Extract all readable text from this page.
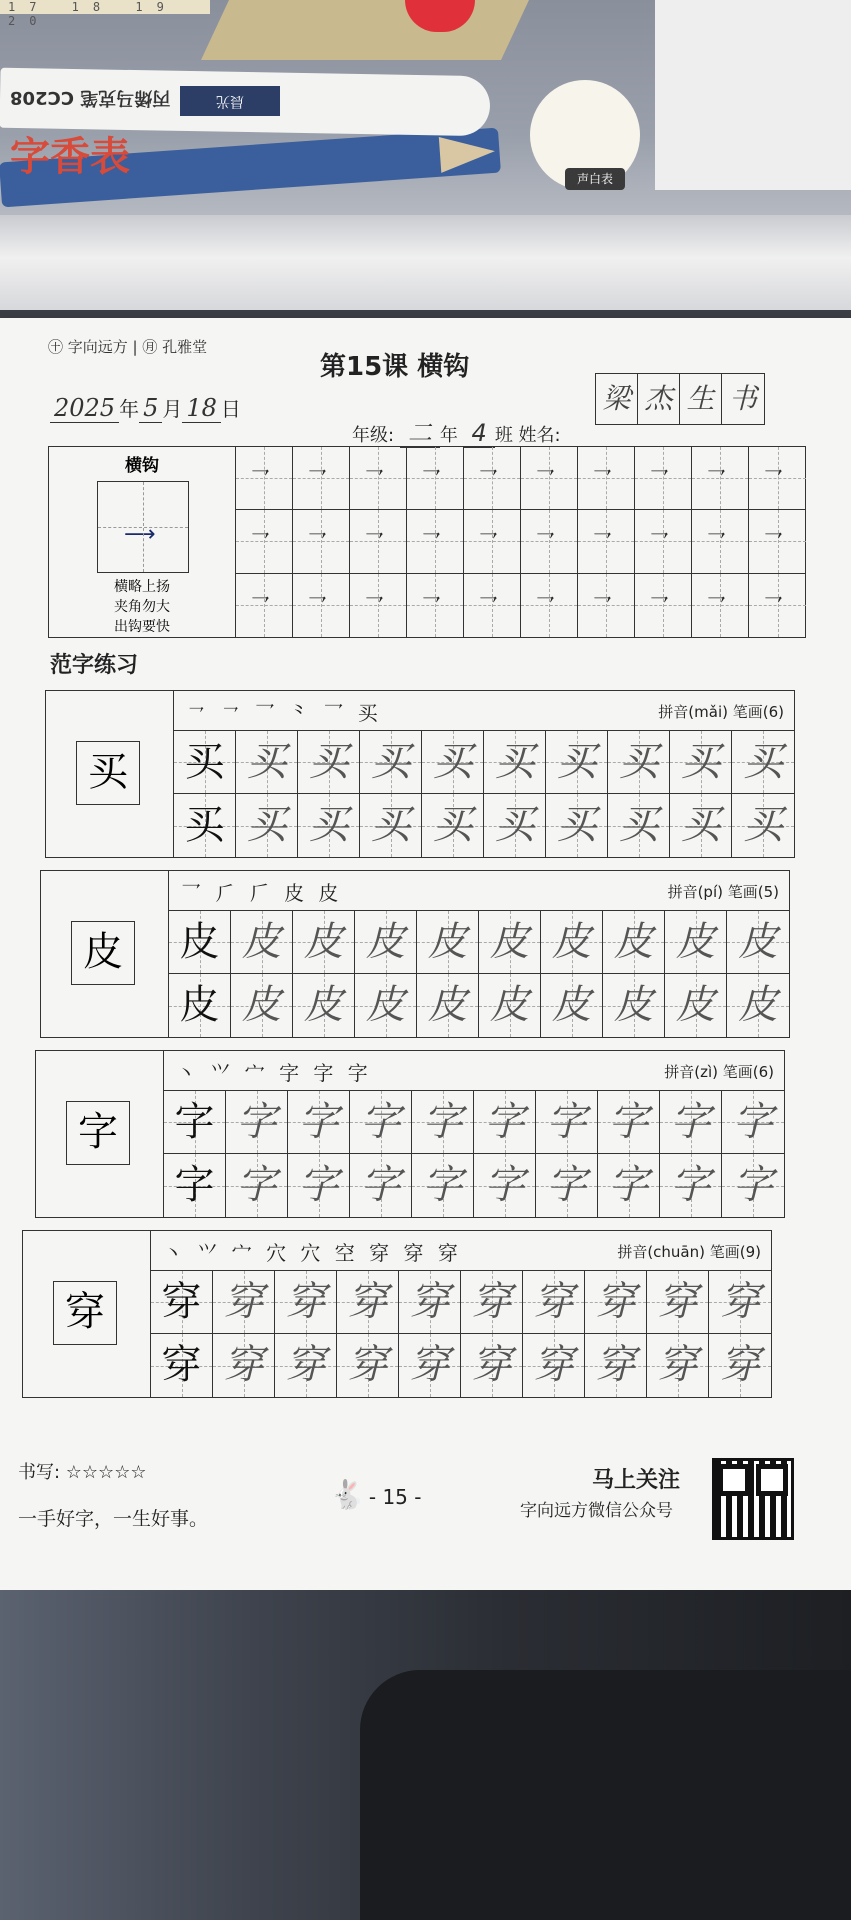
17 18 19 20
字香表
丙烯马克笔 CC208	晨光
声白表
㊉ 字向远方 | ㊊ 孔雅堂
第15课 横钩
2025 年 5 月 18 日
年级: 二 年 4 班 姓名:
梁 杰 生 书
横钩
⟶
横略上扬
夹角勿大
出钩要快
㇖ ㇖ ㇖ ㇖ ㇖ ㇖ ㇖ ㇖ ㇖ ㇖
㇖ ㇖ ㇖ ㇖ ㇖ ㇖ ㇖ ㇖ ㇖ ㇖
㇖ ㇖ ㇖ ㇖ ㇖ ㇖ ㇖ ㇖ ㇖ ㇖
范字练习
买
㇖ ㇖ 乛 ⺀ 乛 买	拼音(mǎi) 笔画(6)
买 买 买 买 买 买 买 买 买 买
买 买 买 买 买 买 买 买 买 买
皮
乛 ⺁ 𠂆 皮 皮	拼音(pí) 笔画(5)
皮 皮 皮 皮 皮 皮 皮 皮 皮 皮
皮 皮 皮 皮 皮 皮 皮 皮 皮 皮
字
丶 ⺍ 宀 字 字 字	拼音(zì) 笔画(6)
字 字 字 字 字 字 字 字 字 字
字 字 字 字 字 字 字 字 字 字
穿
丶 ⺍ 宀 穴 穴 空 穿 穿 穿	拼音(chuān) 笔画(9)
穿 穿 穿 穿 穿 穿 穿 穿 穿 穿
穿 穿 穿 穿 穿 穿 穿 穿 穿 穿
书写: ☆☆☆☆☆
一手好字，一生好事。
🐇 - 15 -
马上关注
字向远方微信公众号
